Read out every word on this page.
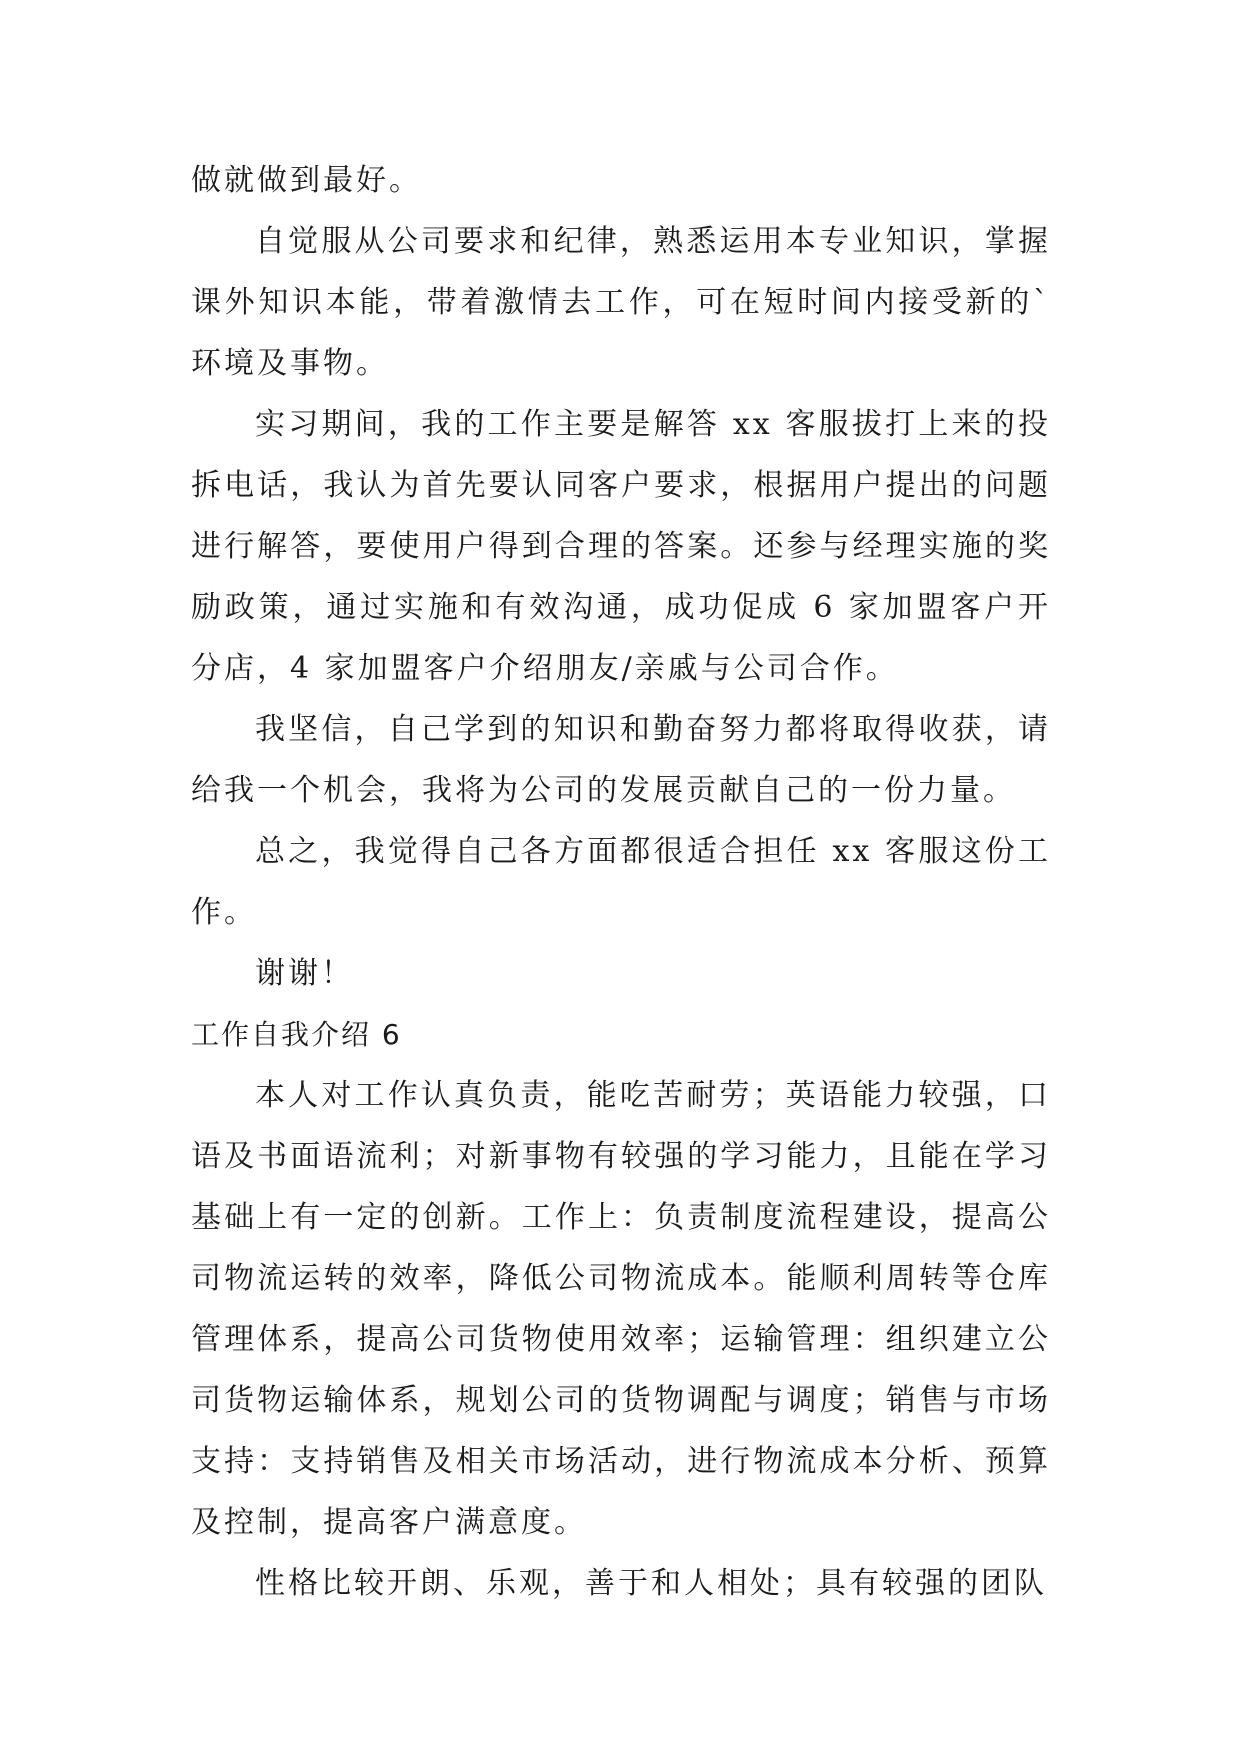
做就做到最好。

自觉服从公司要求和纪律，熟悉运用本专业知识，掌握课外知识本能，带着激情去工作，可在短时间内接受新的`环境及事物。

实习期间，我的工作主要是解答 xx 客服拔打上来的投拆电话，我认为首先要认同客户要求，根据用户提出的问题进行解答，要使用户得到合理的答案。还参与经理实施的奖励政策，通过实施和有效沟通，成功促成 6 家加盟客户开分店，4 家加盟客户介绍朋友/亲戚与公司合作。

我坚信，自己学到的知识和勤奋努力都将取得收获，请给我一个机会，我将为公司的发展贡献自己的一份力量。

总之，我觉得自己各方面都很适合担任 xx 客服这份工作。

谢谢！

工作自我介绍 6

本人对工作认真负责，能吃苦耐劳；英语能力较强，口语及书面语流利；对新事物有较强的学习能力，且能在学习基础上有一定的创新。工作上：负责制度流程建设，提高公司物流运转的效率，降低公司物流成本。能顺利周转等仓库管理体系，提高公司货物使用效率；运输管理：组织建立公司货物运输体系，规划公司的货物调配与调度；销售与市场支持：支持销售及相关市场活动，进行物流成本分析、预算及控制，提高客户满意度。

性格比较开朗、乐观，善于和人相处；具有较强的团队
